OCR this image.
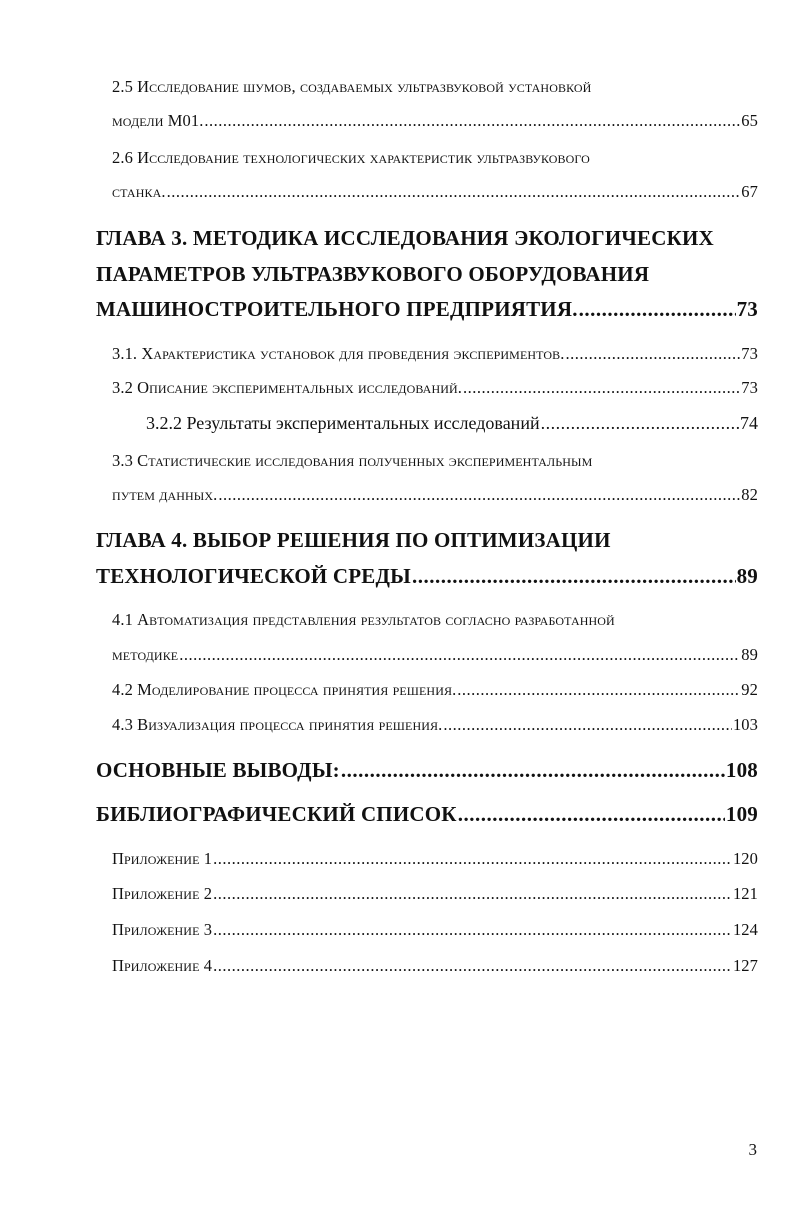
2.5 Исследование шумов, создаваемых ультразвуковой установкой
модели М01. .....	65
2.6 Исследование технологических характеристик ультразвукового
станка. .....	67
ГЛАВА 3. МЕТОДИКА ИССЛЕДОВАНИЯ ЭКОЛОГИЧЕСКИХ
ПАРАМЕТРОВ УЛЬТРАЗВУКОВОГО ОБОРУДОВАНИЯ
МАШИНОСТРОИТЕЛЬНОГО ПРЕДПРИЯТИЯ. .....	73
3.1. Характеристика установок для проведения экспериментов. .....	73
3.2 Описание экспериментальных исследований. .....	73
3.2.2 Результаты экспериментальных исследований .....	74
3.3 Статистические исследования полученных экспериментальным
путем данных. .....	82
ГЛАВА 4. ВЫБОР РЕШЕНИЯ ПО ОПТИМИЗАЦИИ
ТЕХНОЛОГИЧЕСКОЙ СРЕДЫ .....	89
4.1 Автоматизация представления результатов согласно разработанной
методике .....	89
4.2 Моделирование процесса принятия решения. .....	92
4.3 Визуализация процесса принятия решения. .....	103
ОСНОВНЫЕ ВЫВОДЫ: .....	108
БИБЛИОГРАФИЧЕСКИЙ СПИСОК .....	109
Приложение 1 .....	120
Приложение 2 .....	121
Приложение 3 .....	124
Приложение 4 .....	127
3
